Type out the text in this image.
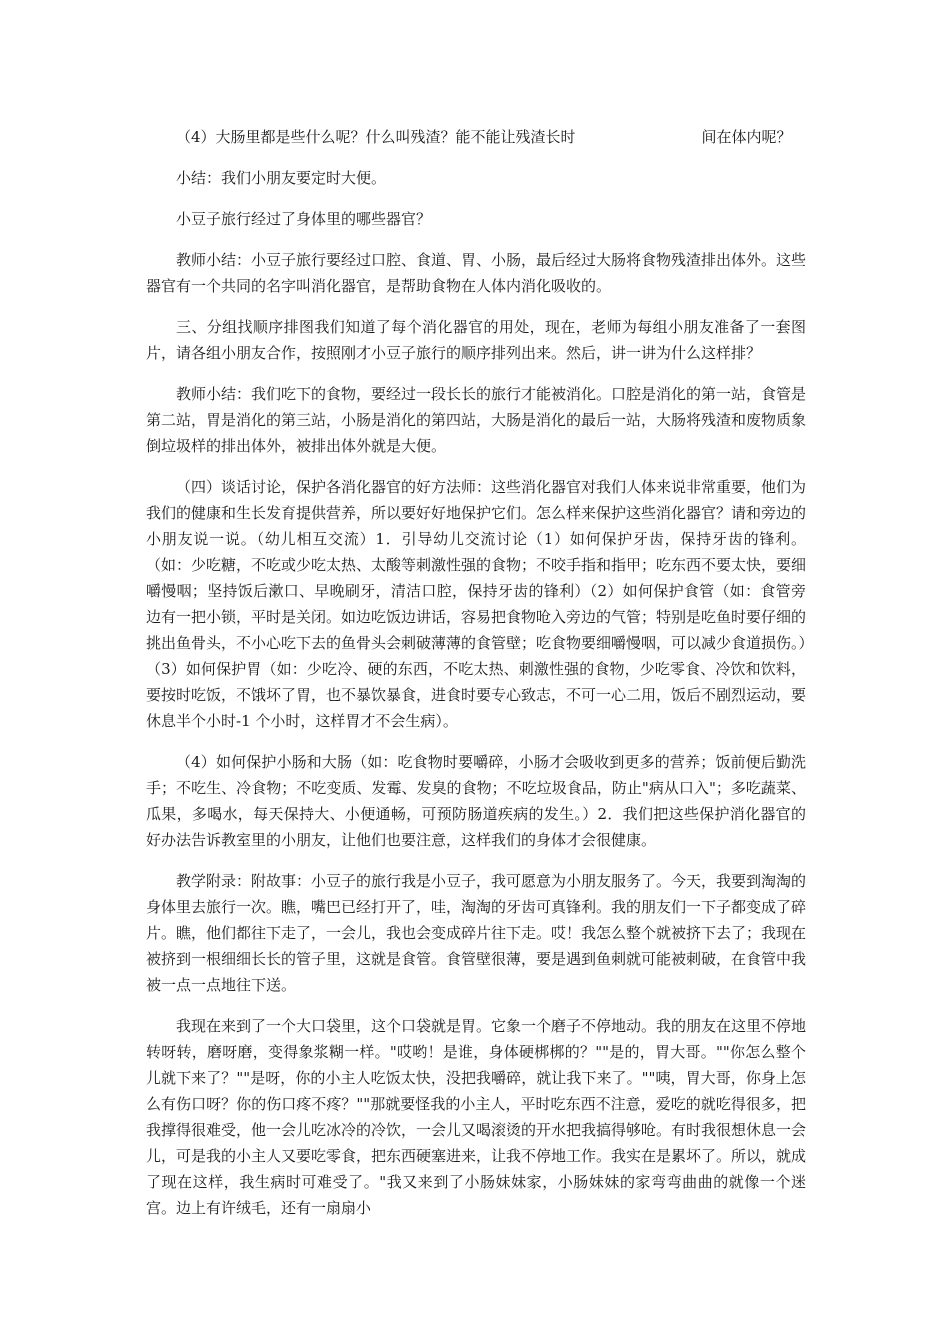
（4）大肠里都是些什么呢？什么叫残渣？能不能让残渣长时	间在体内呢？

小结：我们小朋友要定时大便。

小豆子旅行经过了身体里的哪些器官？

教师小结：小豆子旅行要经过口腔、食道、胃、小肠，最后经过大肠将食物残渣排出体外。这些器官有一个共同的名字叫消化器官，是帮助食物在人体内消化吸收的。

三、分组找顺序排图我们知道了每个消化器官的用处，现在，老师为每组小朋友准备了一套图片，请各组小朋友合作，按照刚才小豆子旅行的顺序排列出来。然后，讲一讲为什么这样排？

教师小结：我们吃下的食物，要经过一段长长的旅行才能被消化。口腔是消化的第一站，食管是第二站，胃是消化的第三站，小肠是消化的第四站，大肠是消化的最后一站，大肠将残渣和废物质象倒垃圾样的排出体外，被排出体外就是大便。

（四）谈话讨论，保护各消化器官的好方法师：这些消化器官对我们人体来说非常重要，他们为我们的健康和生长发育提供营养，所以要好好地保护它们。怎么样来保护这些消化器官？请和旁边的小朋友说一说。（幼儿相互交流）1．引导幼儿交流讨论（1）如何保护牙齿，保持牙齿的锋利。（如：少吃糖，不吃或少吃太热、太酸等刺激性强的食物；不咬手指和指甲；吃东西不要太快，要细嚼慢咽；坚持饭后漱口、早晚刷牙，清洁口腔，保持牙齿的锋利）（2）如何保护食管（如：食管旁边有一把小锁，平时是关闭。如边吃饭边讲话，容易把食物呛入旁边的气管；特别是吃鱼时要仔细的挑出鱼骨头，不小心吃下去的鱼骨头会刺破薄薄的食管壁；吃食物要细嚼慢咽，可以减少食道损伤。）（3）如何保护胃（如：少吃冷、硬的东西，不吃太热、刺激性强的食物，少吃零食、冷饮和饮料，要按时吃饭，不饿坏了胃，也不暴饮暴食，进食时要专心致志，不可一心二用，饭后不剧烈运动，要休息半个小时-1 个小时，这样胃才不会生病）。

（4）如何保护小肠和大肠（如：吃食物时要嚼碎，小肠才会吸收到更多的营养；饭前便后勤洗手；不吃生、冷食物；不吃变质、发霉、发臭的食物；不吃垃圾食品，防止"病从口入"；多吃蔬菜、瓜果，多喝水，每天保持大、小便通畅，可预防肠道疾病的发生。）2．我们把这些保护消化器官的好办法告诉教室里的小朋友，让他们也要注意，这样我们的身体才会很健康。

教学附录：附故事：小豆子的旅行我是小豆子，我可愿意为小朋友服务了。今天，我要到淘淘的身体里去旅行一次。瞧，嘴巴已经打开了，哇，淘淘的牙齿可真锋利。我的朋友们一下子都变成了碎片。瞧，他们都往下走了，一会儿，我也会变成碎片往下走。哎！我怎么整个就被挤下去了；我现在被挤到一根细细长长的管子里，这就是食管。食管壁很薄，要是遇到鱼刺就可能被刺破，在食管中我被一点一点地往下送。

我现在来到了一个大口袋里，这个口袋就是胃。它象一个磨子不停地动。我的朋友在这里不停地转呀转，磨呀磨，变得象浆糊一样。"哎哟！是谁，身体硬梆梆的？""是的，胃大哥。""你怎么整个儿就下来了？""是呀，你的小主人吃饭太快，没把我嚼碎，就让我下来了。""咦，胃大哥，你身上怎么有伤口呀？你的伤口疼不疼？""那就要怪我的小主人，平时吃东西不注意，爱吃的就吃得很多，把我撑得很难受，他一会儿吃冰冷的冷饮，一会儿又喝滚烫的开水把我搞得够呛。有时我很想休息一会儿，可是我的小主人又要吃零食，把东西硬塞进来，让我不停地工作。我实在是累坏了。所以，就成了现在这样，我生病时可难受了。"我又来到了小肠妹妹家，小肠妹妹的家弯弯曲曲的就像一个迷宫。边上有许绒毛，还有一扇扇小
